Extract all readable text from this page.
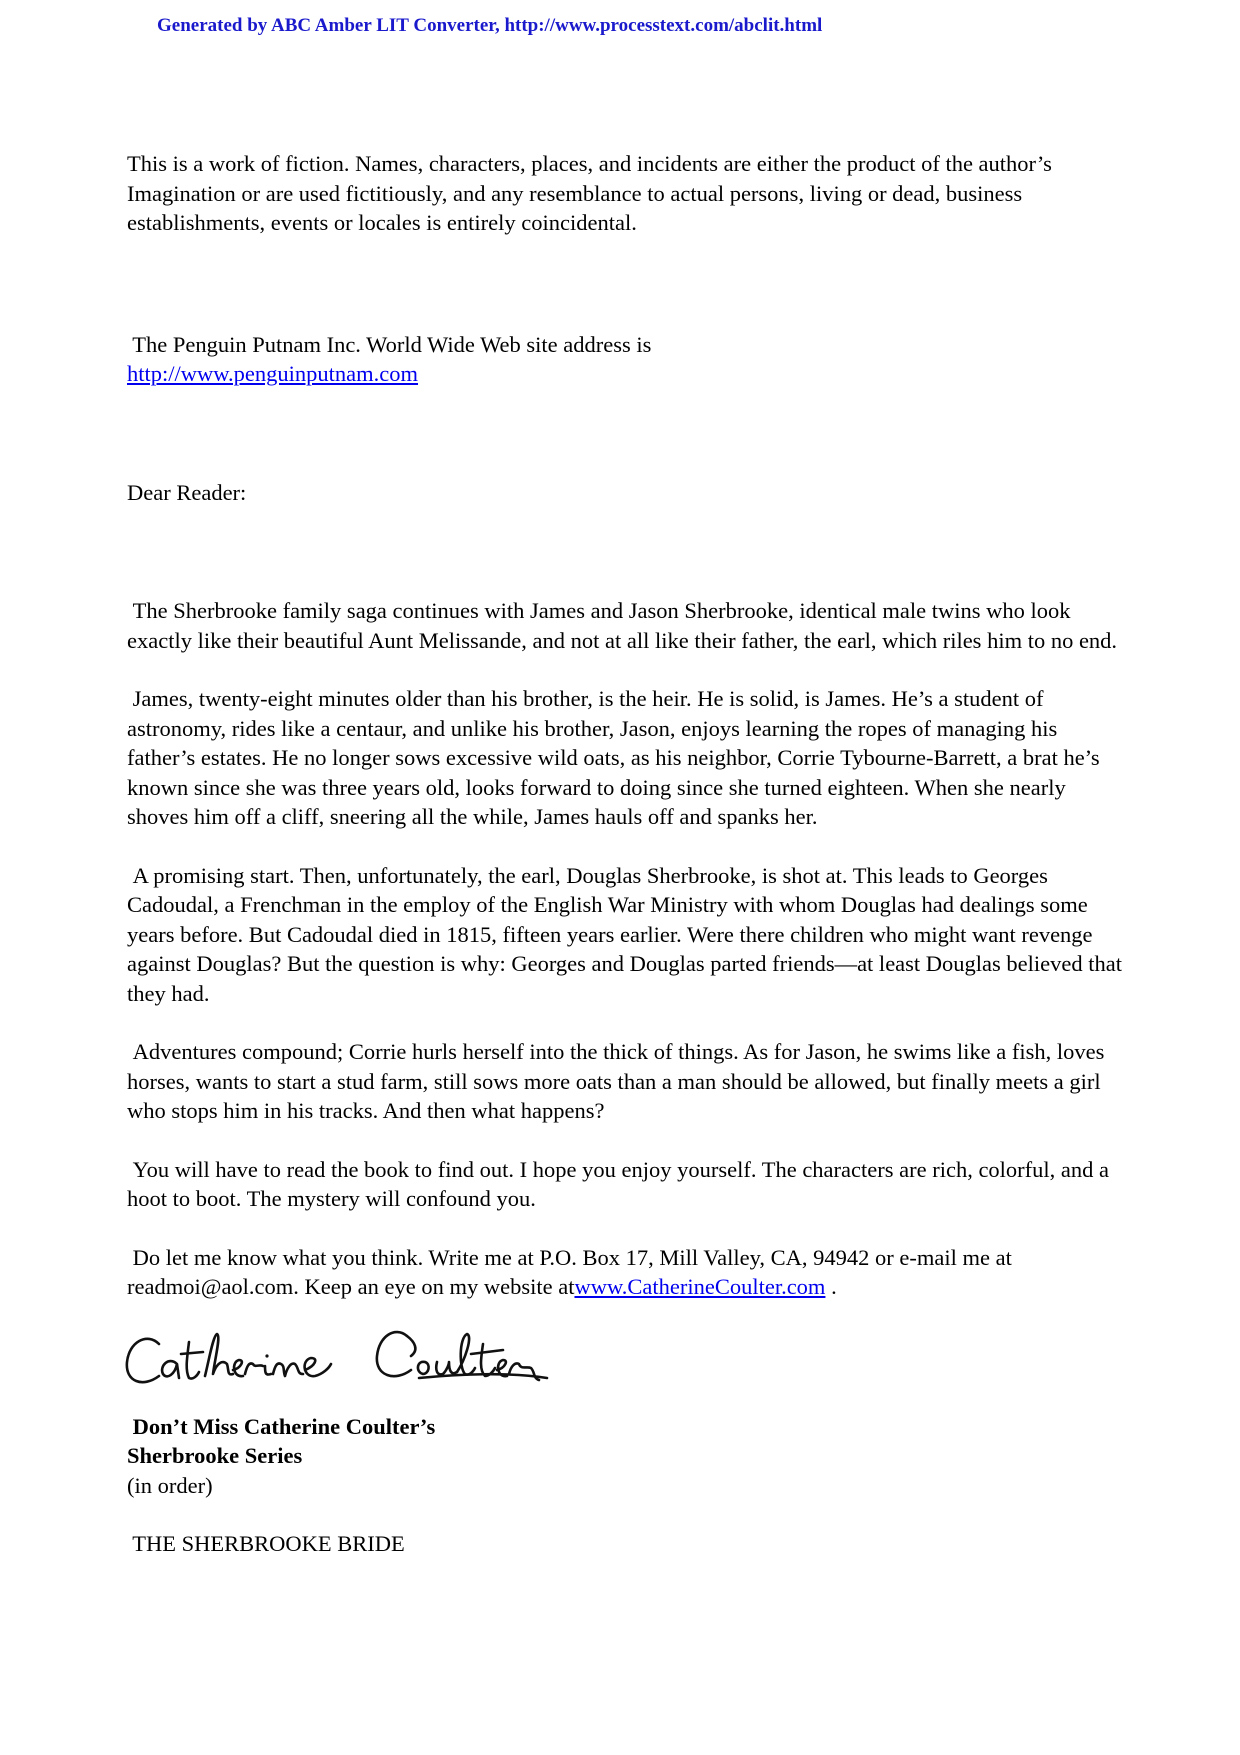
Generated by ABC Amber LIT Converter, http://www.processtext.com/abclit.html

This is a work of fiction. Names, characters, places, and incidents are either the product of the author’s Imagination or are used fictitiously, and any resemblance to actual persons, living or dead, business establishments, events or locales is entirely coincidental.

The Penguin Putnam Inc. World Wide Web site address is
http://www.penguinputnam.com

Dear Reader:

The Sherbrooke family saga continues with James and Jason Sherbrooke, identical male twins who look exactly like their beautiful Aunt Melissande, and not at all like their father, the earl, which riles him to no end.

James, twenty-eight minutes older than his brother, is the heir. He is solid, is James. He’s a student of astronomy, rides like a centaur, and unlike his brother, Jason, enjoys learning the ropes of managing his father’s estates. He no longer sows excessive wild oats, as his neighbor, Corrie Tybourne-Barrett, a brat he’s known since she was three years old, looks forward to doing since she turned eighteen. When she nearly shoves him off a cliff, sneering all the while, James hauls off and spanks her.

A promising start. Then, unfortunately, the earl, Douglas Sherbrooke, is shot at. This leads to Georges Cadoudal, a Frenchman in the employ of the English War Ministry with whom Douglas had dealings some years before. But Cadoudal died in 1815, fifteen years earlier. Were there children who might want revenge against Douglas? But the question is why: Georges and Douglas parted friends—at least Douglas believed that they had.

Adventures compound; Corrie hurls herself into the thick of things. As for Jason, he swims like a fish, loves horses, wants to start a stud farm, still sows more oats than a man should be allowed, but finally meets a girl who stops him in his tracks. And then what happens?

You will have to read the book to find out. I hope you enjoy yourself. The characters are rich, colorful, and a hoot to boot. The mystery will confound you.

Do let me know what you think. Write me at P.O. Box 17, Mill Valley, CA, 94942 or e-mail me at readmoi@aol.com. Keep an eye on my website atwww.CatherineCoulter.com .

Don’t Miss Catherine Coulter’s
Sherbrooke Series
(in order)

THE SHERBROOKE BRIDE
